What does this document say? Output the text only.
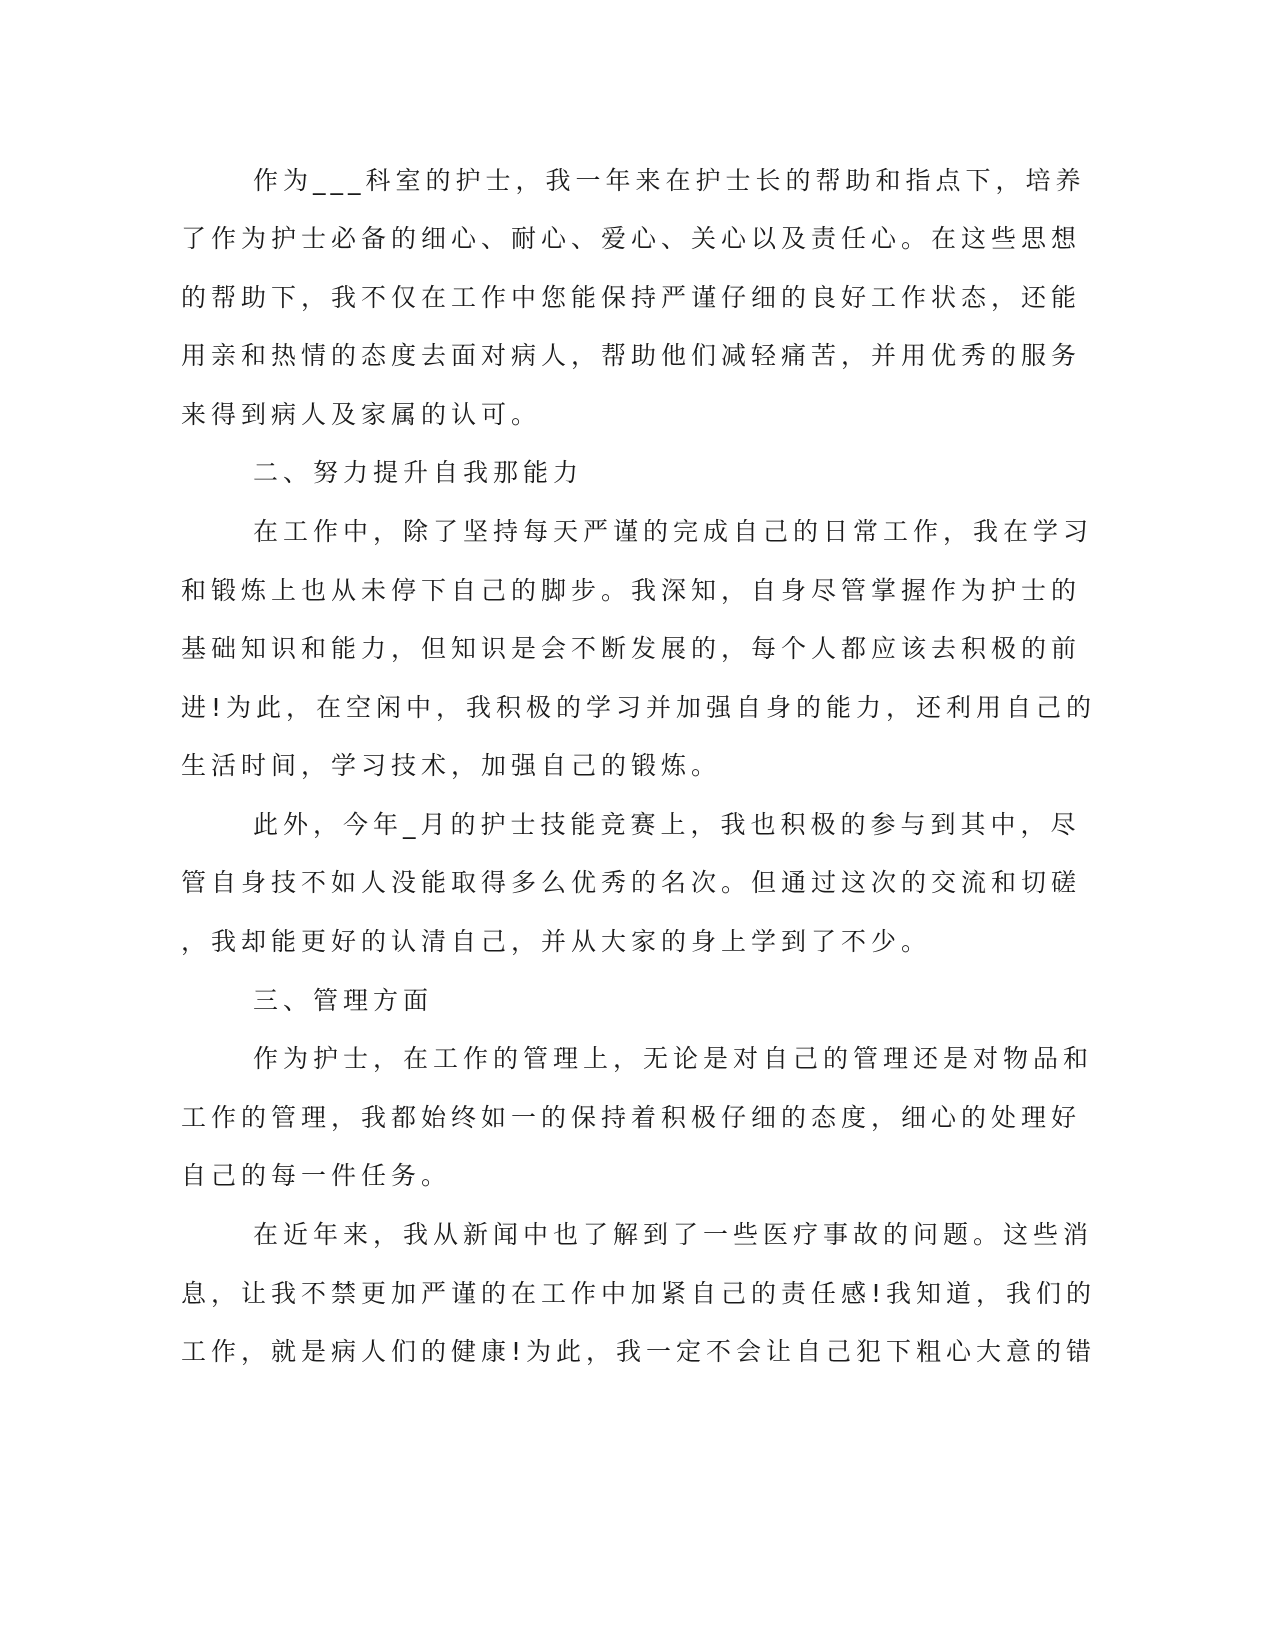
作为___科室的护士，我一年来在护士长的帮助和指点下，培养
了作为护士必备的细心、耐心、爱心、关心以及责任心。在这些思想
的帮助下，我不仅在工作中您能保持严谨仔细的良好工作状态，还能
用亲和热情的态度去面对病人，帮助他们减轻痛苦，并用优秀的服务
来得到病人及家属的认可。
二、努力提升自我那能力
在工作中，除了坚持每天严谨的完成自己的日常工作，我在学习
和锻炼上也从未停下自己的脚步。我深知，自身尽管掌握作为护士的
基础知识和能力，但知识是会不断发展的，每个人都应该去积极的前
进!为此，在空闲中，我积极的学习并加强自身的能力，还利用自己的
生活时间，学习技术，加强自己的锻炼。
此外，今年_月的护士技能竞赛上，我也积极的参与到其中，尽
管自身技不如人没能取得多么优秀的名次。但通过这次的交流和切磋
，我却能更好的认清自己，并从大家的身上学到了不少。
三、管理方面
作为护士，在工作的管理上，无论是对自己的管理还是对物品和
工作的管理，我都始终如一的保持着积极仔细的态度，细心的处理好
自己的每一件任务。
在近年来，我从新闻中也了解到了一些医疗事故的问题。这些消
息，让我不禁更加严谨的在工作中加紧自己的责任感!我知道，我们的
工作，就是病人们的健康!为此，我一定不会让自己犯下粗心大意的错
